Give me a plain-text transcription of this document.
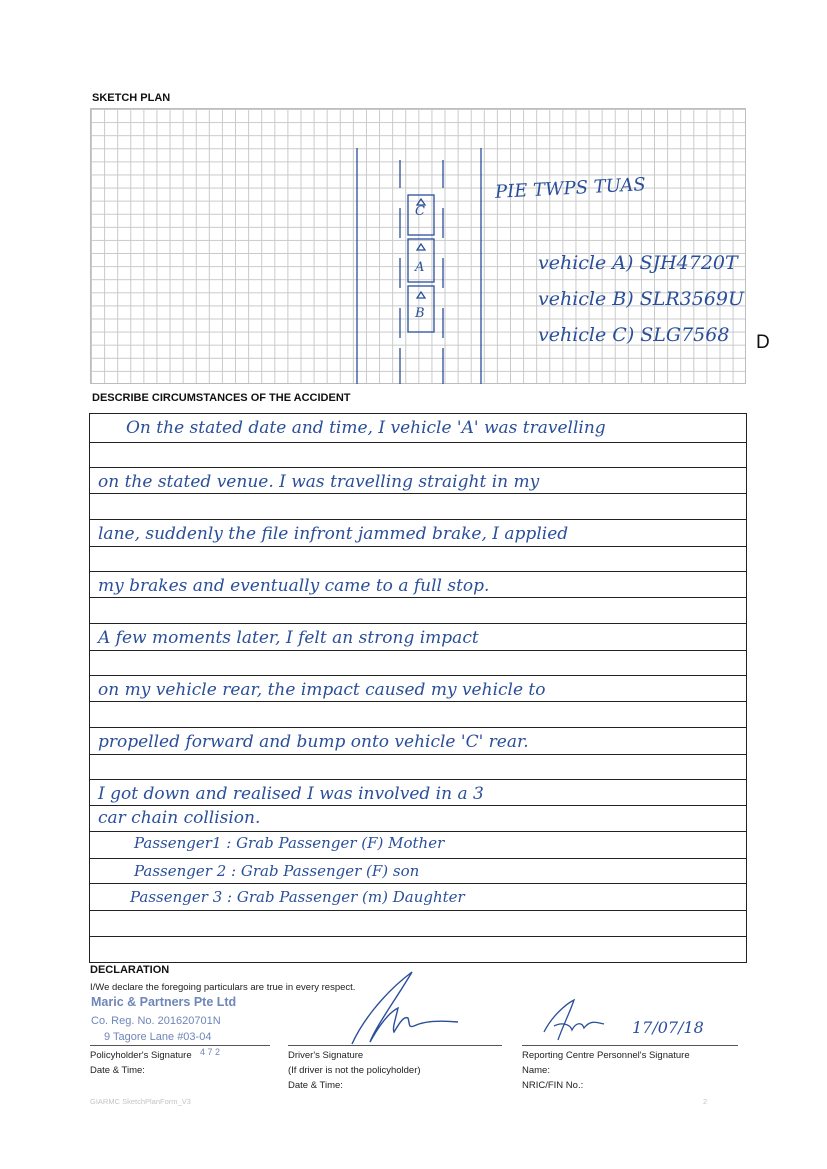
SKETCH PLAN
C
A
B
PIE TWPS TUAS
vehicle A) SJH4720T
vehicle B) SLR3569U
vehicle C) SLG7568 D
DESCRIBE CIRCUMSTANCES OF THE ACCIDENT
On the stated date and time, I vehicle 'A' was travelling
on the stated venue. I was travelling straight in my
lane, suddenly the file infront jammed brake, I applied
my brakes and eventually came to a full stop.
A few moments later, I felt an strong impact
on my vehicle rear, the impact caused my vehicle to
propelled forward and bump onto vehicle 'C' rear.
I got down and realised I was involved in a 3
car chain collision.
Passenger1 : Grab Passenger (F) Mother
Passenger 2 : Grab Passenger (F) son
Passenger 3 : Grab Passenger (m) Daughter
DECLARATION
I/We declare the foregoing particulars are true in every respect.
Maric & Partners Pte Ltd
Co. Reg. No. 201620701N
9 Tagore Lane #03-04
4 7 2
17/07/18
Policyholder's Signature
Date & Time:
Driver's Signature
(If driver is not the policyholder)
Date & Time:
Reporting Centre Personnel's Signature
Name:
NRIC/FIN No.:
GIARMC SketchPlanForm_V3	2
